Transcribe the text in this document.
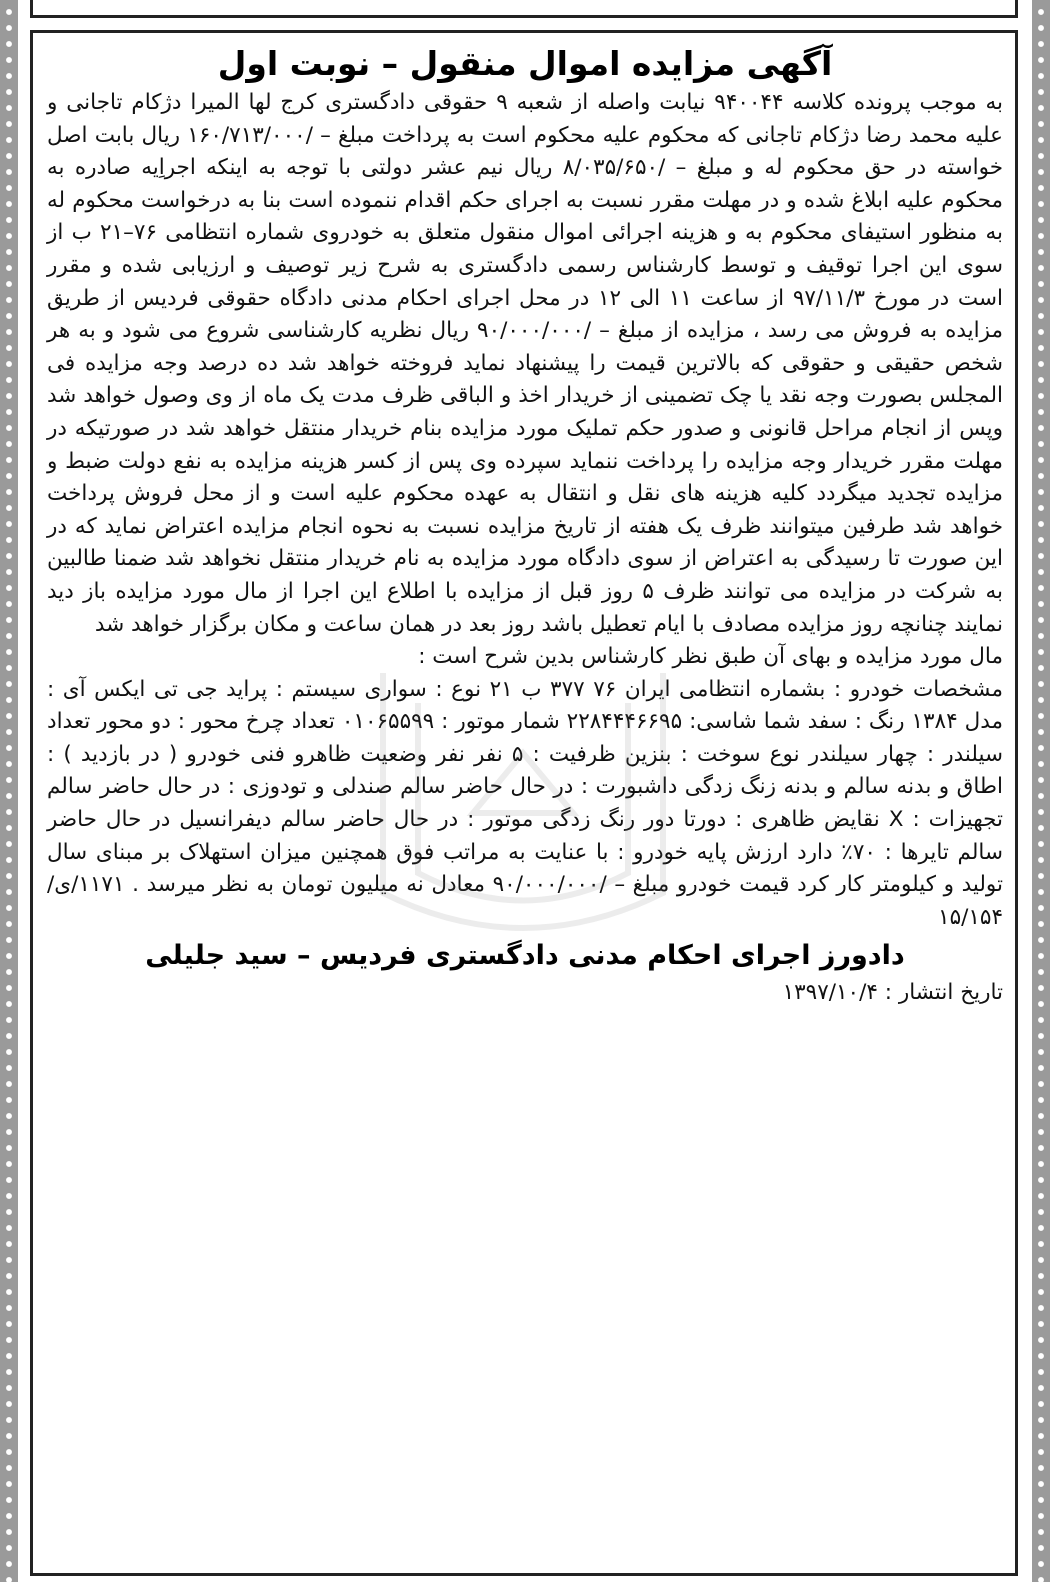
آگهی مزایده اموال منقول – نوبت اول

به موجب پرونده کلاسه ۹۴۰۰۴۴ نیابت واصله از شعبه ۹ حقوقی دادگستری کرج لها المیرا دژکام تاجانی و علیه محمد رضا دژکام تاجانی که محکوم علیه محکوم است به پرداخت مبلغ – /۱۶۰/۷۱۳/۰۰۰ ریال بابت اصل خواسته در حق محکوم له و مبلغ – /۸/۰۳۵/۶۵۰ ریال نیم عشر دولتی با توجه به اینکه اجراِیه صادره به محکوم علیه ابلاغ شده و در مهلت مقرر نسبت به اجرای حکم اقدام ننموده است بنا به درخواست محکوم له به منظور استیفای محکوم به و هزینه اجرائی اموال منقول متعلق به خودروی شماره انتظامی ۷۶–۲۱ ب از سوی این اجرا توقیف و توسط کارشناس رسمی دادگستری به شرح زیر توصیف و ارزیابی شده و مقرر است در مورخ ۹۷/۱۱/۳ از ساعت ۱۱ الی ۱۲ در محل اجرای احکام مدنی دادگاه حقوقی فردیس از طریق مزایده به فروش می رسد ، مزایده از مبلغ – /۹۰/۰۰۰/۰۰۰ ریال نظریه کارشناسی شروع می شود و به هر شخص حقیقی و حقوقی که بالاترین قیمت را پیشنهاد نماید فروخته خواهد شد ده درصد وجه مزایده فی المجلس بصورت وجه نقد یا چک تضمینی از خریدار اخذ و الباقی ظرف مدت یک ماه از وی وصول خواهد شد وپس از انجام مراحل قانونی و صدور حکم تملیک مورد مزایده بنام خریدار منتقل خواهد شد در صورتیکه در مهلت مقرر خریدار وجه مزایده را پرداخت ننماید سپرده وی پس از کسر هزینه مزایده به نفع دولت ضبط و مزایده تجدید میگردد کلیه هزینه های نقل و انتقال به عهده محکوم علیه است و از محل فروش پرداخت خواهد شد طرفین میتوانند ظرف یک هفته از تاریخ مزایده نسبت به نحوه انجام مزایده اعتراض نماید که در این صورت تا رسیدگی به اعتراض از سوی دادگاه مورد مزایده به نام خریدار منتقل نخواهد شد ضمنا طالبین به شرکت در مزایده می توانند ظرف ۵ روز قبل از مزایده با اطلاع این اجرا از مال مورد مزایده باز دید نمایند چنانچه روز مزایده مصادف با ایام تعطیل باشد روز بعد در همان ساعت و مکان برگزار خواهد شد

مال مورد مزایده و بهای آن طبق نظر کارشناس بدین شرح است :

مشخصات خودرو : بشماره انتظامی ایران ۷۶ ۳۷۷ ب ۲۱ نوع : سواری سیستم : پراید جی تی ایکس آی : مدل ۱۳۸۴ رنگ : سفد شما شاسی: ۲۲۸۴۴۴۶۶۹۵ شمار موتور : ۰۱۰۶۵۵۹۹ تعداد چرخ محور : دو محور تعداد سیلندر : چهار سیلندر نوع سوخت : بنزین ظرفیت : ۵ نفر نفر وضعیت ظاهرو فنی خودرو ( در بازدید ) : اطاق و بدنه سالم و بدنه زنگ زدگی داشبورت : در حال حاضر سالم صندلی و تودوزی : در حال حاضر سالم تجهیزات : X نقایض ظاهری : دورتا دور رنگ زدگی موتور : در حال حاضر سالم دیفرانسیل در حال حاضر سالم تایرها : ۷۰٪ دارد ارزش پایه خودرو : با عنایت به مراتب فوق همچنین میزان استهلاک بر مبنای سال تولید و کیلومتر کار کرد قیمت خودرو مبلغ – /۹۰/۰۰۰/۰۰۰ معادل نه میلیون تومان به نظر میرسد . ۱۱۷۱/ی/۱۵/۱۵۴

دادورز اجرای احکام مدنی دادگستری فردیس – سید جلیلی
تاریخ انتشار : ۱۳۹۷/۱۰/۴
